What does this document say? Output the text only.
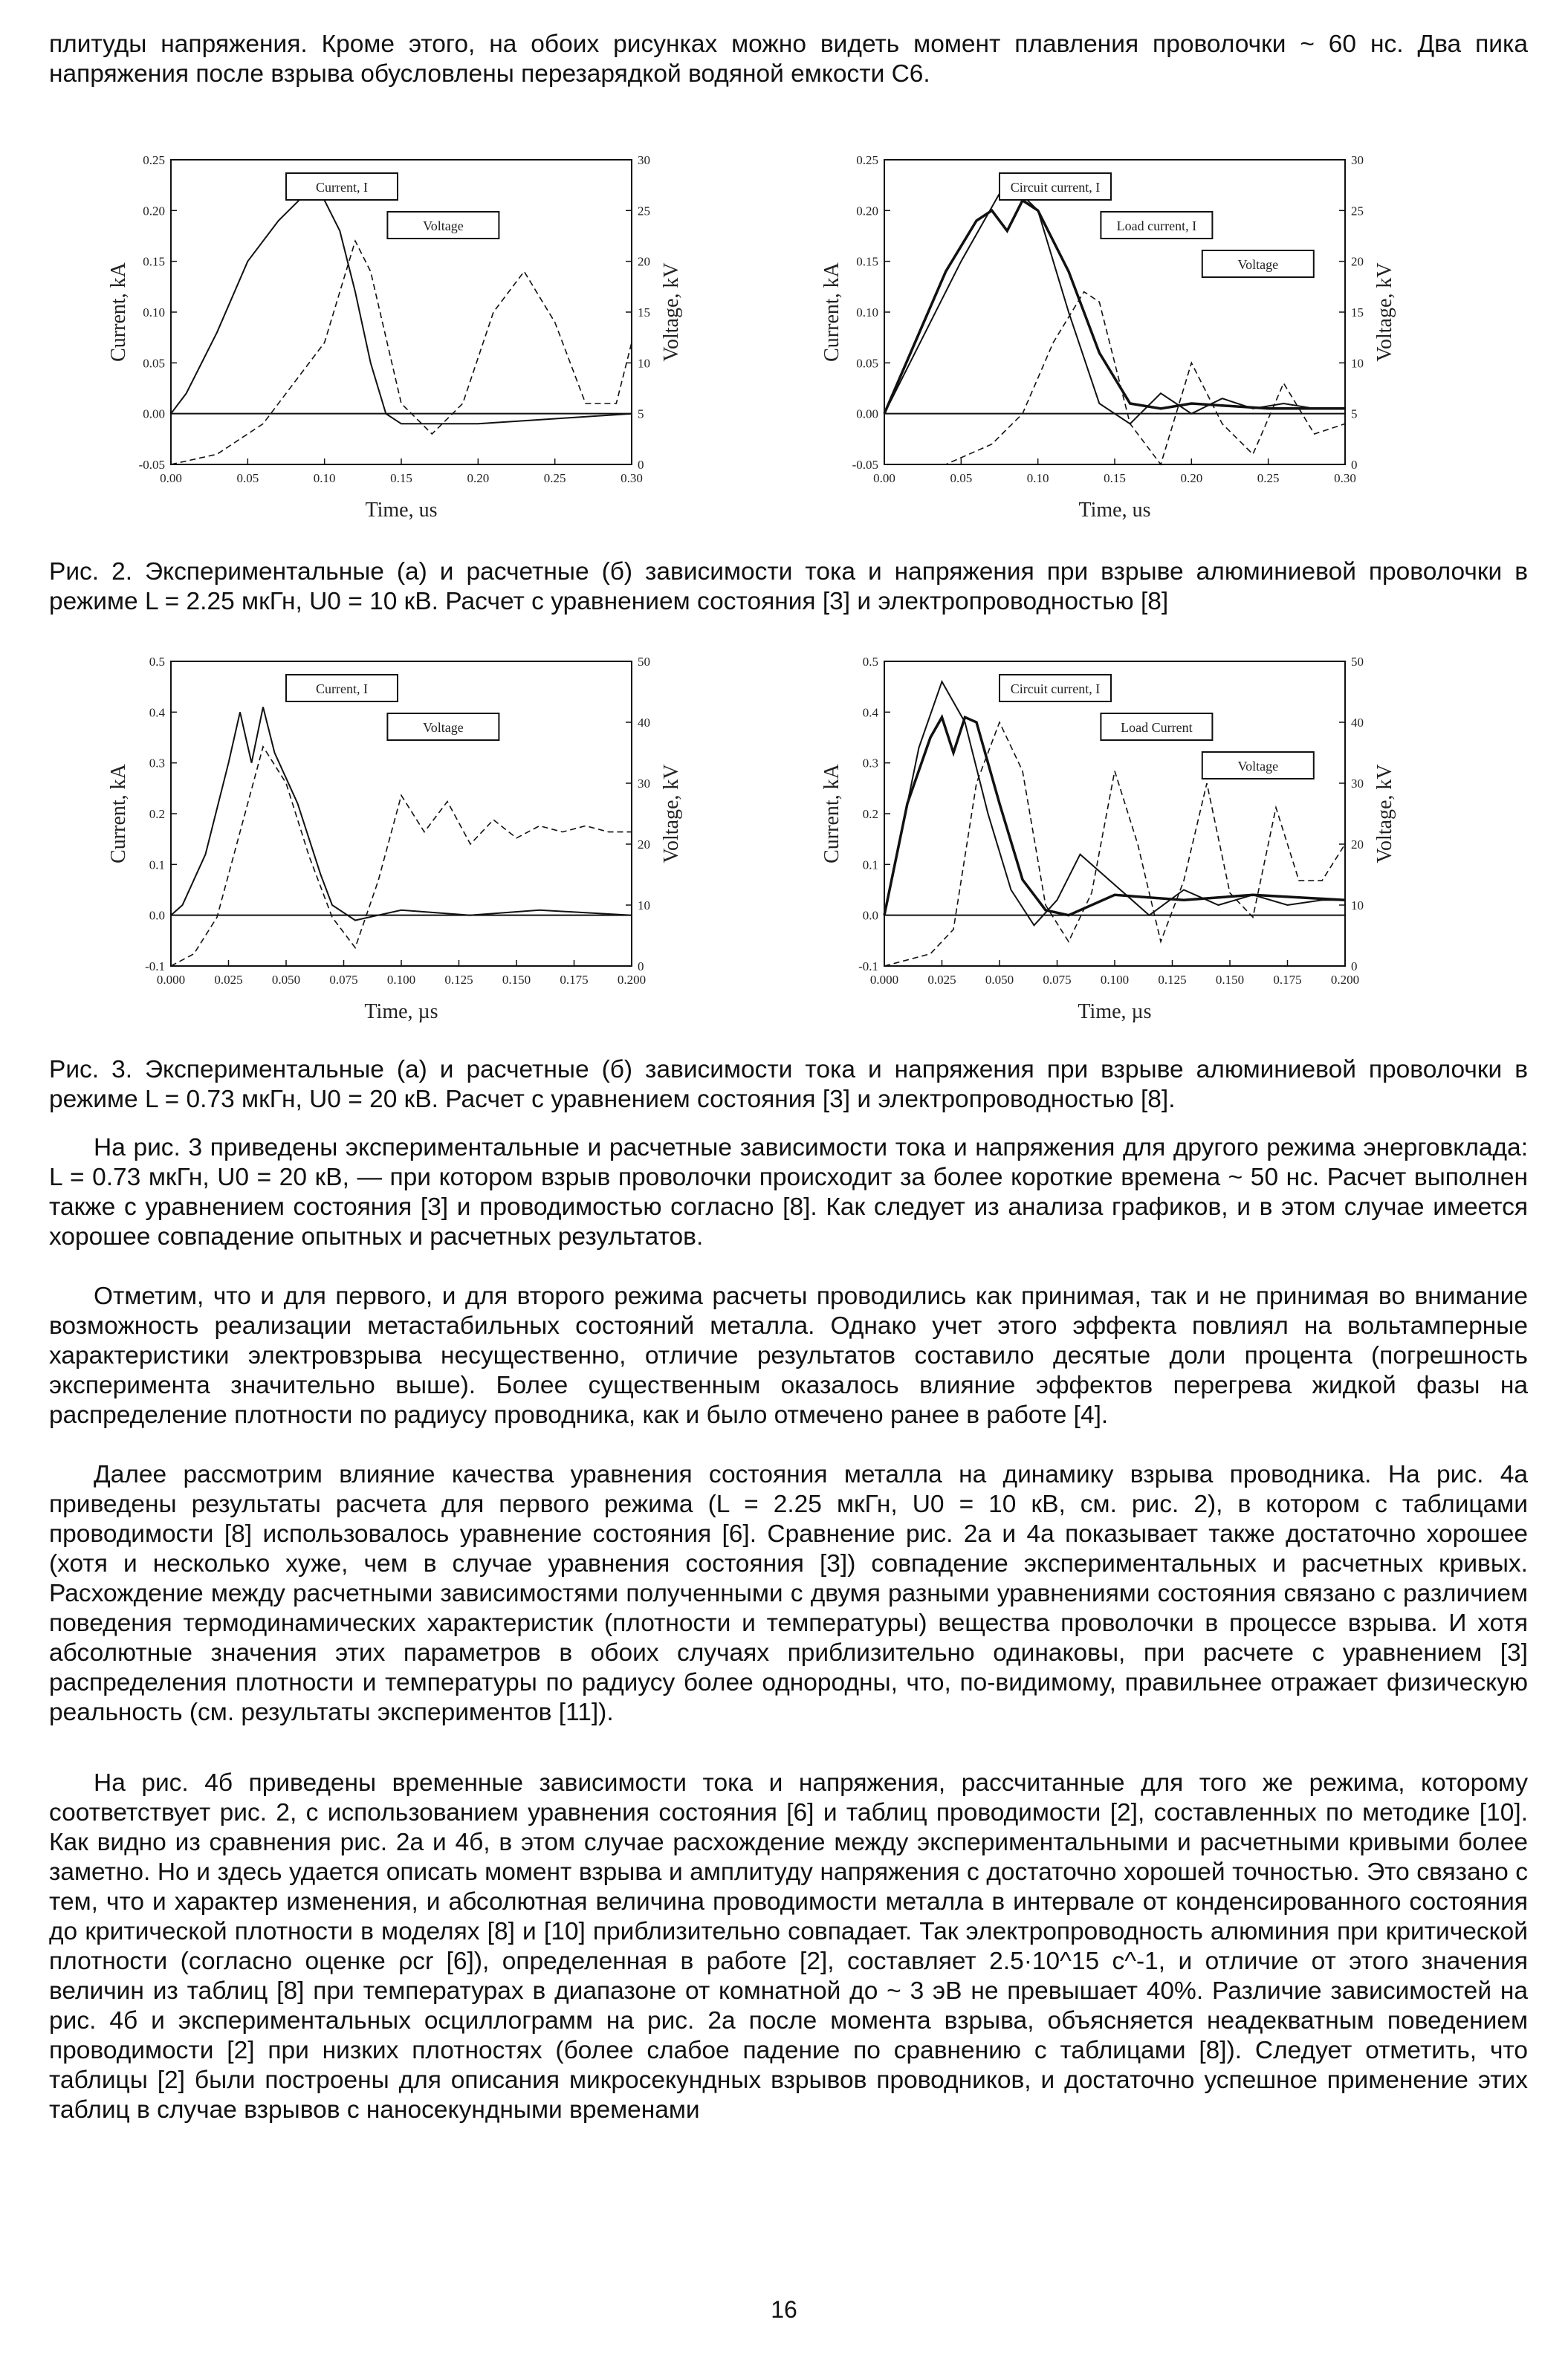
плитуды напряжения. Кроме этого, на обоих рисунках можно видеть момент плавления проволочки ~ 60 нс. Два пика напряжения после взрыва обусловлены перезарядкой водяной емкости C6.

0.00	0.05	0.10	0.15	0.20	0.25	0.30
-0.05
0.00
0.05
0.10
0.15
0.20
0.25
0
5
10
15
20
25
30
Time, us
Current, kA	Voltage, kV
Current, I
Voltage
0.00	0.05	0.10	0.15	0.20	0.25	0.30
-0.05
0.00
0.05
0.10
0.15
0.20
0.25
0
5
10
15
20
25
30
Time, us
Current, kA	Voltage, kV
Circuit current, I
Load current, I
Voltage

Рис. 2. Экспериментальные (а) и расчетные (б) зависимости тока и напряжения при взрыве алюминиевой проволочки в режиме L = 2.25 мкГн, U0 = 10 кВ. Расчет с уравнением состояния [3] и электропроводностью [8]

0.000 0.025 0.050 0.075 0.100 0.125 0.150 0.175 0.200
-0.1
0.0
0.1
0.2
0.3
0.4
0.5
0
10
20
30
40
50
Time, µs
Current, kA	Voltage, kV
Current, I
Voltage
0.000 0.025 0.050 0.075 0.100 0.125 0.150 0.175 0.200
-0.1
0.0
0.1
0.2
0.3
0.4
0.5
0
10
20
30
40
50
Time, µs
Current, kA	Voltage, kV
Circuit current, I
Load Current
Voltage

Рис. 3. Экспериментальные (а) и расчетные (б) зависимости тока и напряжения при взрыве алюминиевой проволочки в режиме L = 0.73 мкГн, U0 = 20 кВ. Расчет с уравнением состояния [3] и электропроводностью [8].

На рис. 3 приведены экспериментальные и расчетные зависимости тока и напряжения для другого режима энерговклада: L = 0.73 мкГн, U0 = 20 кВ, — при котором взрыв проволочки происходит за более короткие времена ~ 50 нс. Расчет выполнен также с уравнением состояния [3] и проводимостью согласно [8]. Как следует из анализа графиков, и в этом случае имеется хорошее совпадение опытных и расчетных результатов.

Отметим, что и для первого, и для второго режима расчеты проводились как принимая, так и не принимая во внимание возможность реализации метастабильных состояний металла. Однако учет этого эффекта повлиял на вольтамперные характеристики электровзрыва несущественно, отличие результатов составило десятые доли процента (погрешность эксперимента значительно выше). Более существенным оказалось влияние эффектов перегрева жидкой фазы на распределение плотности по радиусу проводника, как и было отмечено ранее в работе [4].

Далее рассмотрим влияние качества уравнения состояния металла на динамику взрыва проводника. На рис. 4а приведены результаты расчета для первого режима (L = 2.25 мкГн, U0 = 10 кВ, см. рис. 2), в котором с таблицами проводимости [8] использовалось уравнение состояния [6]. Сравнение рис. 2а и 4а показывает также достаточно хорошее (хотя и несколько хуже, чем в случае уравнения состояния [3]) совпадение экспериментальных и расчетных кривых. Расхождение между расчетными зависимостями полученными с двумя разными уравнениями состояния связано с различием поведения термодинамических характеристик (плотности и температуры) вещества проволочки в процессе взрыва. И хотя абсолютные значения этих параметров в обоих случаях приблизительно одинаковы, при расчете с уравнением [3] распределения плотности и температуры по радиусу более однородны, что, по-видимому, правильнее отражает физическую реальность (см. результаты экспериментов [11]).

На рис. 4б приведены временные зависимости тока и напряжения, рассчитанные для того же режима, которому соответствует рис. 2, с использованием уравнения состояния [6] и таблиц проводимости [2], составленных по методике [10]. Как видно из сравнения рис. 2а и 4б, в этом случае расхождение между экспериментальными и расчетными кривыми более заметно. Но и здесь удается описать момент взрыва и амплитуду напряжения с достаточно хорошей точностью. Это связано с тем, что и характер изменения, и абсолютная величина проводимости металла в интервале от конденсированного состояния до критической плотности в моделях [8] и [10] приблизительно совпадает. Так электропроводность алюминия при критической плотности (согласно оценке ρcr [6]), определенная в работе [2], составляет 2.5·10^15 c^-1, и отличие от этого значения величин из таблиц [8] при температурах в диапазоне от комнатной до ~ 3 эВ не превышает 40%. Различие зависимостей на рис. 4б и экспериментальных осциллограмм на рис. 2а после момента взрыва, объясняется неадекватным поведением проводимости [2] при низких плотностях (более слабое падение по сравнению с таблицами [8]). Следует отметить, что таблицы [2] были построены для описания микросекундных взрывов проводников, и достаточно успешное применение этих таблиц в случае взрывов с наносекундными временами

16
